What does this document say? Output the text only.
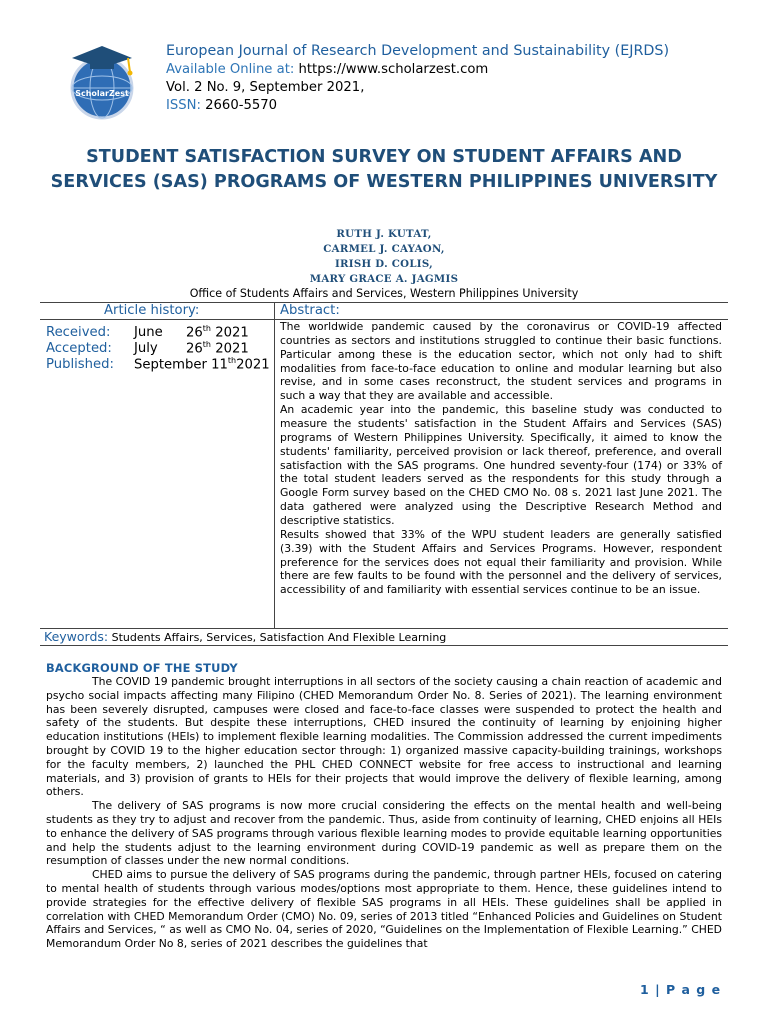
ScholarZest
European Journal of Research Development and Sustainability (EJRDS)
Available Online at: https://www.scholarzest.com
Vol. 2 No. 9, September 2021,
ISSN: 2660-5570
STUDENT SATISFACTION SURVEY ON STUDENT AFFAIRS AND SERVICES (SAS) PROGRAMS OF WESTERN PHILIPPINES UNIVERSITY
RUTH J. KUTAT,
CARMEL J. CAYAON,
IRISH D. COLIS,
MARY GRACE A. JAGMIS
Office of Students Affairs and Services, Western Philippines University
Article history:	Abstract:
Received: June 26th 2021
Accepted: July 26th 2021
Published: September 11th2021

The worldwide pandemic caused by the coronavirus or COVID-19 affected countries as sectors and institutions struggled to continue their basic functions. Particular among these is the education sector, which not only had to shift modalities from face-to-face education to online and modular learning but also revise, and in some cases reconstruct, the student services and programs in such a way that they are available and accessible.

An academic year into the pandemic, this baseline study was conducted to measure the students' satisfaction in the Student Affairs and Services (SAS) programs of Western Philippines University. Specifically, it aimed to know the students' familiarity, perceived provision or lack thereof, preference, and overall satisfaction with the SAS programs. One hundred seventy-four (174) or 33% of the total student leaders served as the respondents for this study through a Google Form survey based on the CHED CMO No. 08 s. 2021 last June 2021. The data gathered were analyzed using the Descriptive Research Method and descriptive statistics.

Results showed that 33% of the WPU student leaders are generally satisfied (3.39) with the Student Affairs and Services Programs. However, respondent preference for the services does not equal their familiarity and provision. While there are few faults to be found with the personnel and the delivery of services, accessibility of and familiarity with essential services continue to be an issue.

Keywords: Students Affairs, Services, Satisfaction And Flexible Learning
BACKGROUND OF THE STUDY

The COVID 19 pandemic brought interruptions in all sectors of the society causing a chain reaction of academic and psycho social impacts affecting many Filipino (CHED Memorandum Order No. 8. Series of 2021). The learning environment has been severely disrupted, campuses were closed and face-to-face classes were suspended to protect the health and safety of the students. But despite these interruptions, CHED insured the continuity of learning by enjoining higher education institutions (HEIs) to implement flexible learning modalities. The Commission addressed the current impediments brought by COVID 19 to the higher education sector through: 1) organized massive capacity-building trainings, workshops for the faculty members, 2) launched the PHL CHED CONNECT website for free access to instructional and learning materials, and 3) provision of grants to HEIs for their projects that would improve the delivery of flexible learning, among others.

The delivery of SAS programs is now more crucial considering the effects on the mental health and well-being students as they try to adjust and recover from the pandemic. Thus, aside from continuity of learning, CHED enjoins all HEIs to enhance the delivery of SAS programs through various flexible learning modes to provide equitable learning opportunities and help the students adjust to the learning environment during COVID-19 pandemic as well as prepare them on the resumption of classes under the new normal conditions.

CHED aims to pursue the delivery of SAS programs during the pandemic, through partner HEIs, focused on catering to mental health of students through various modes/options most appropriate to them. Hence, these guidelines intend to provide strategies for the effective delivery of flexible SAS programs in all HEIs. These guidelines shall be applied in correlation with CHED Memorandum Order (CMO) No. 09, series of 2013 titled “Enhanced Policies and Guidelines on Student Affairs and Services, “ as well as CMO No. 04, series of 2020, “Guidelines on the Implementation of Flexible Learning.” CHED Memorandum Order No 8, series of 2021 describes the guidelines that

1 | P a g e
